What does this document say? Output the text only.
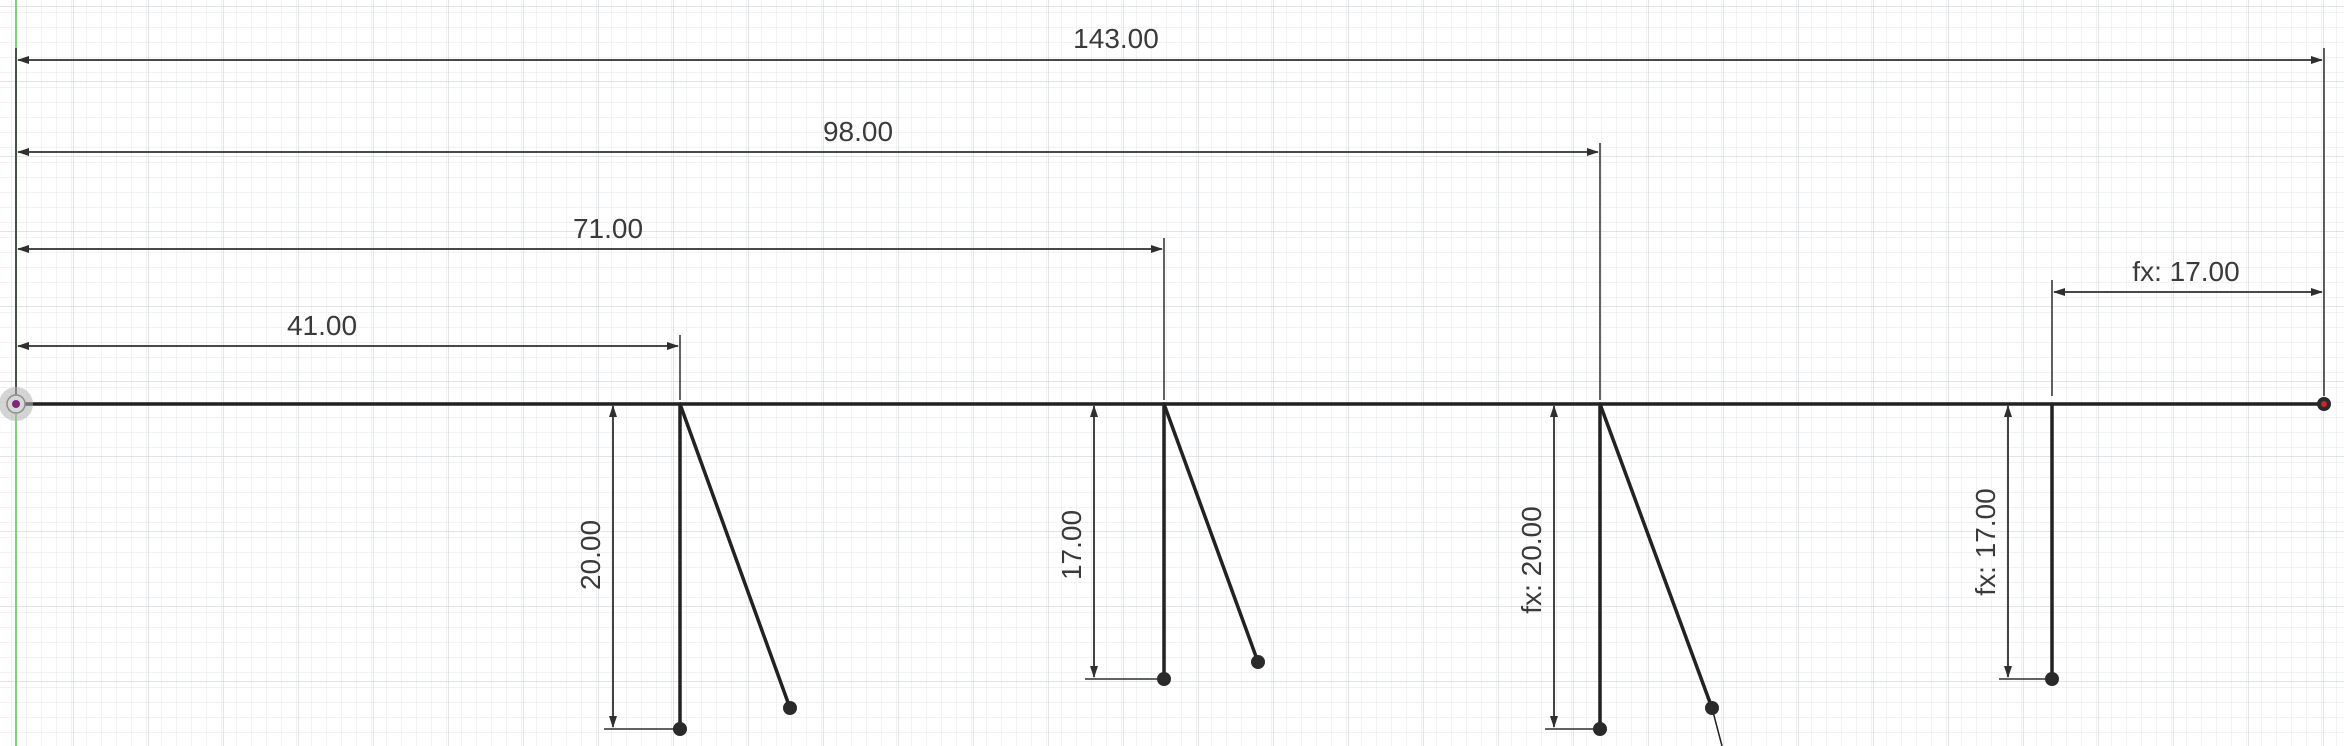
143.00
98.00
71.00
41.00
fx: 17.00
20.00	17.00	fx: 20.00	fx: 17.00
